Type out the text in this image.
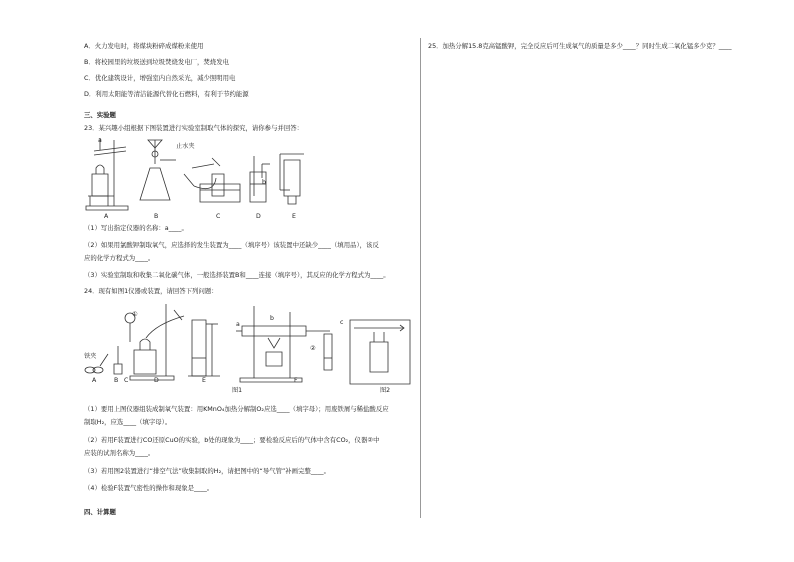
A．火力发电时，将煤块粉碎成煤粉来使用
B．将校园里的垃圾送到垃圾焚烧发电厂，焚烧发电
C．优化建筑设计，增强室内自然采光，减少照明用电
D．利用太阳能等清洁能源代替化石燃料，有利于节约能源
三、实验题
23．某兴趣小组根据下图装置进行实验室制取气体的探究，请你参与并回答：
a
止水夹
b
A	B	C	D	E
（1）写出指定仪器的名称：a____。
（2）如果用氯酸钾制取氧气，应选择的发生装置为____（填序号）该装置中还缺少____（填用品），该反
应的化学方程式为____。
（3）实验室制取和收集二氧化碳气体，一般选择装置B和____连接（填序号），其反应的化学方程式为____。
24．现有如图1仪器或装置，请回答下列问题：
①
铁夹
a
b
c
②
A	B C	D	E	F
图1	图2
（1）要用上图仪器组装成制氧气装置：用KMnO₄加热分解制O₂应选____（填字母）；用废铁屑与稀盐酸反应
制取H₂，应选____（填字母）。
（2）若用F装置进行CO还原CuO的实验，b处的现象为____；要检验反应后的气体中含有CO₂，仪器②中
应装的试剂名称为____。
（3）若用图2装置进行“排空气法”收集制取的H₂，请把图中的“导气管”补画完整____。
（4）检验F装置气密性的操作和现象是____。
四、计算题
25．加热分解15.8克高锰酸钾，完全反应后可生成氧气的质量是多少____？同时生成二氧化锰多少克？____
